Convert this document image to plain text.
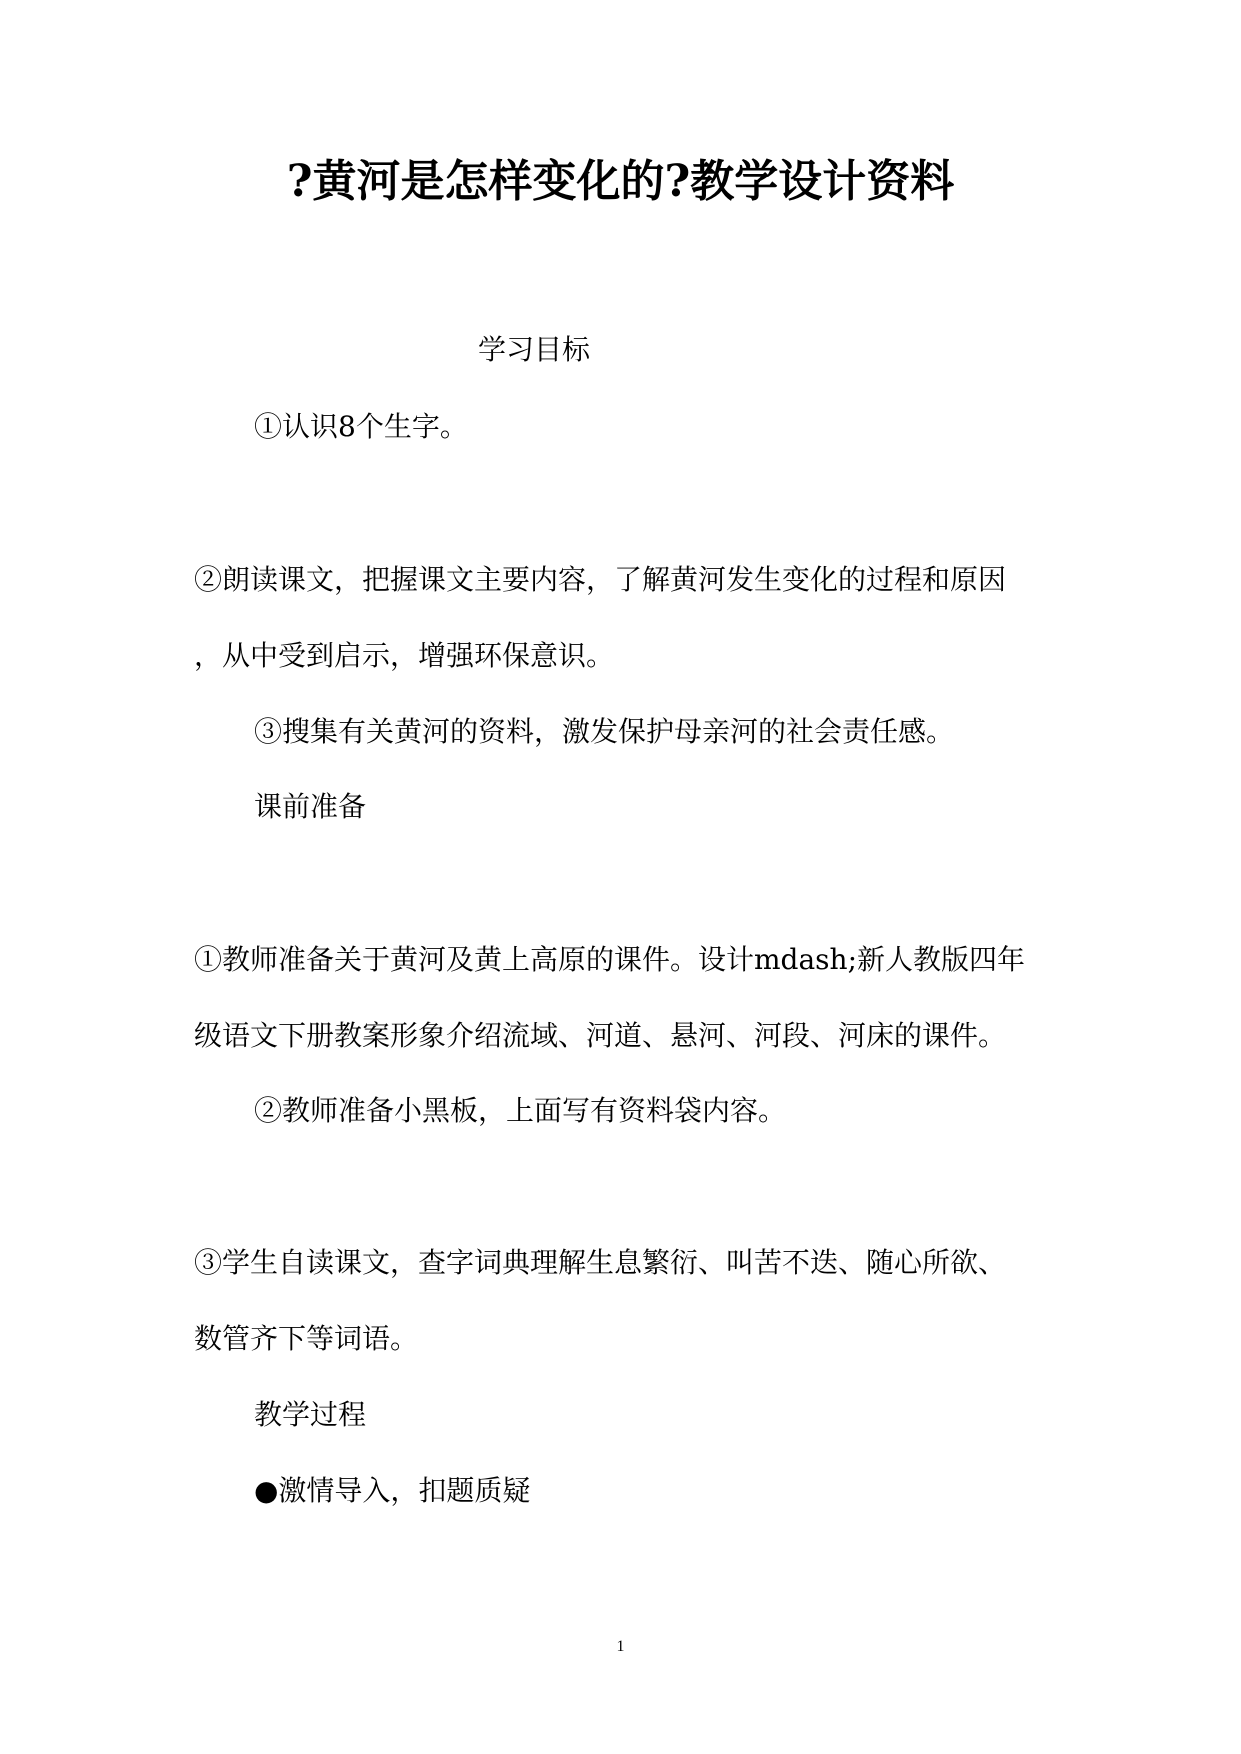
?黄河是怎样变化的?教学设计资料
学习目标
①认识8个生字。
②朗读课文，把握课文主要内容，了解黄河发生变化的过程和原因
，从中受到启示，增强环保意识。
③搜集有关黄河的资料，激发保护母亲河的社会责任感。
课前准备
①教师准备关于黄河及黄上高原的课件。设计mdash;新人教版四年
级语文下册教案形象介绍流域、河道、悬河、河段、河床的课件。
②教师准备小黑板，上面写有资料袋内容。
③学生自读课文，查字词典理解生息繁衍、叫苦不迭、随心所欲、
数管齐下等词语。
教学过程
●激情导入，扣题质疑
1
